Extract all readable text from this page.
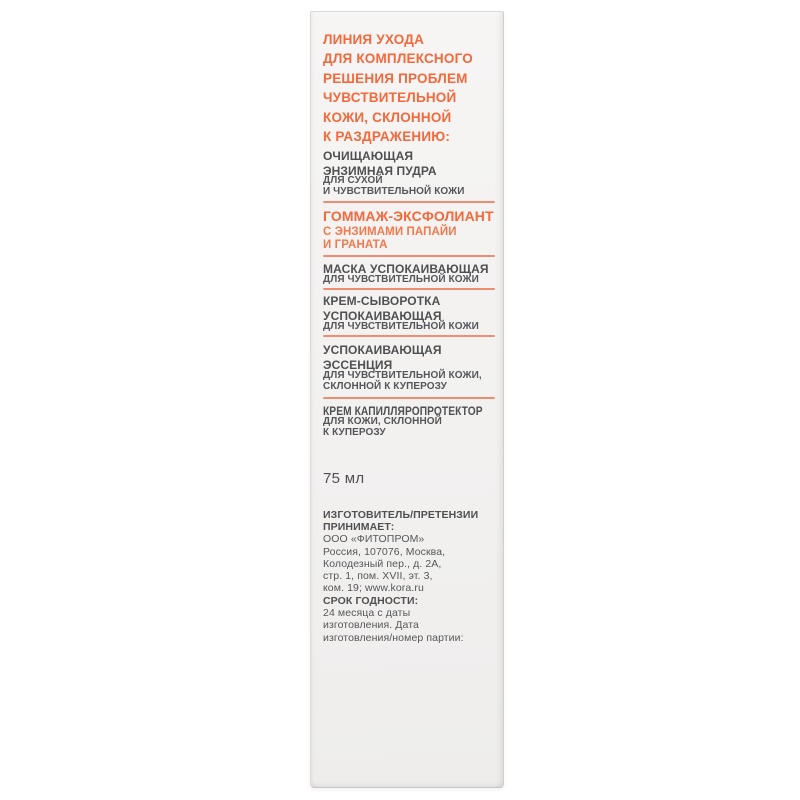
ЛИНИЯ УХОДА
ДЛЯ КОМПЛЕКСНОГО
РЕШЕНИЯ ПРОБЛЕМ
ЧУВСТВИТЕЛЬНОЙ
КОЖИ, СКЛОННОЙ
К РАЗДРАЖЕНИЮ:
ОЧИЩАЮЩАЯ
ЭНЗИМНАЯ ПУДРА
ДЛЯ СУХОЙ
И ЧУВСТВИТЕЛЬНОЙ КОЖИ
ГОММАЖ-ЭКСФОЛИАНТ
С ЭНЗИМАМИ ПАПАЙИ
И ГРАНАТА
МАСКА УСПОКАИВАЮЩАЯ
ДЛЯ ЧУВСТВИТЕЛЬНОЙ КОЖИ
КРЕМ-СЫВОРОТКА
УСПОКАИВАЮЩАЯ
ДЛЯ ЧУВСТВИТЕЛЬНОЙ КОЖИ
УСПОКАИВАЮЩАЯ
ЭССЕНЦИЯ
ДЛЯ ЧУВСТВИТЕЛЬНОЙ КОЖИ,
СКЛОННОЙ К КУПЕРОЗУ
КРЕМ КАПИЛЛЯРОПРОТЕКТОР
ДЛЯ КОЖИ, СКЛОННОЙ
К КУПЕРОЗУ
75 мл
ИЗГОТОВИТЕЛЬ/ПРЕТЕНЗИИ
ПРИНИМАЕТ:
ООО «ФИТОПРОМ»
Россия, 107076, Москва,
Колодезный пер., д. 2А,
стр. 1, пом. XVII, эт. 3,
ком. 19; www.kora.ru
СРОК ГОДНОСТИ:
24 месяца с даты
изготовления. Дата
изготовления/номер партии:
